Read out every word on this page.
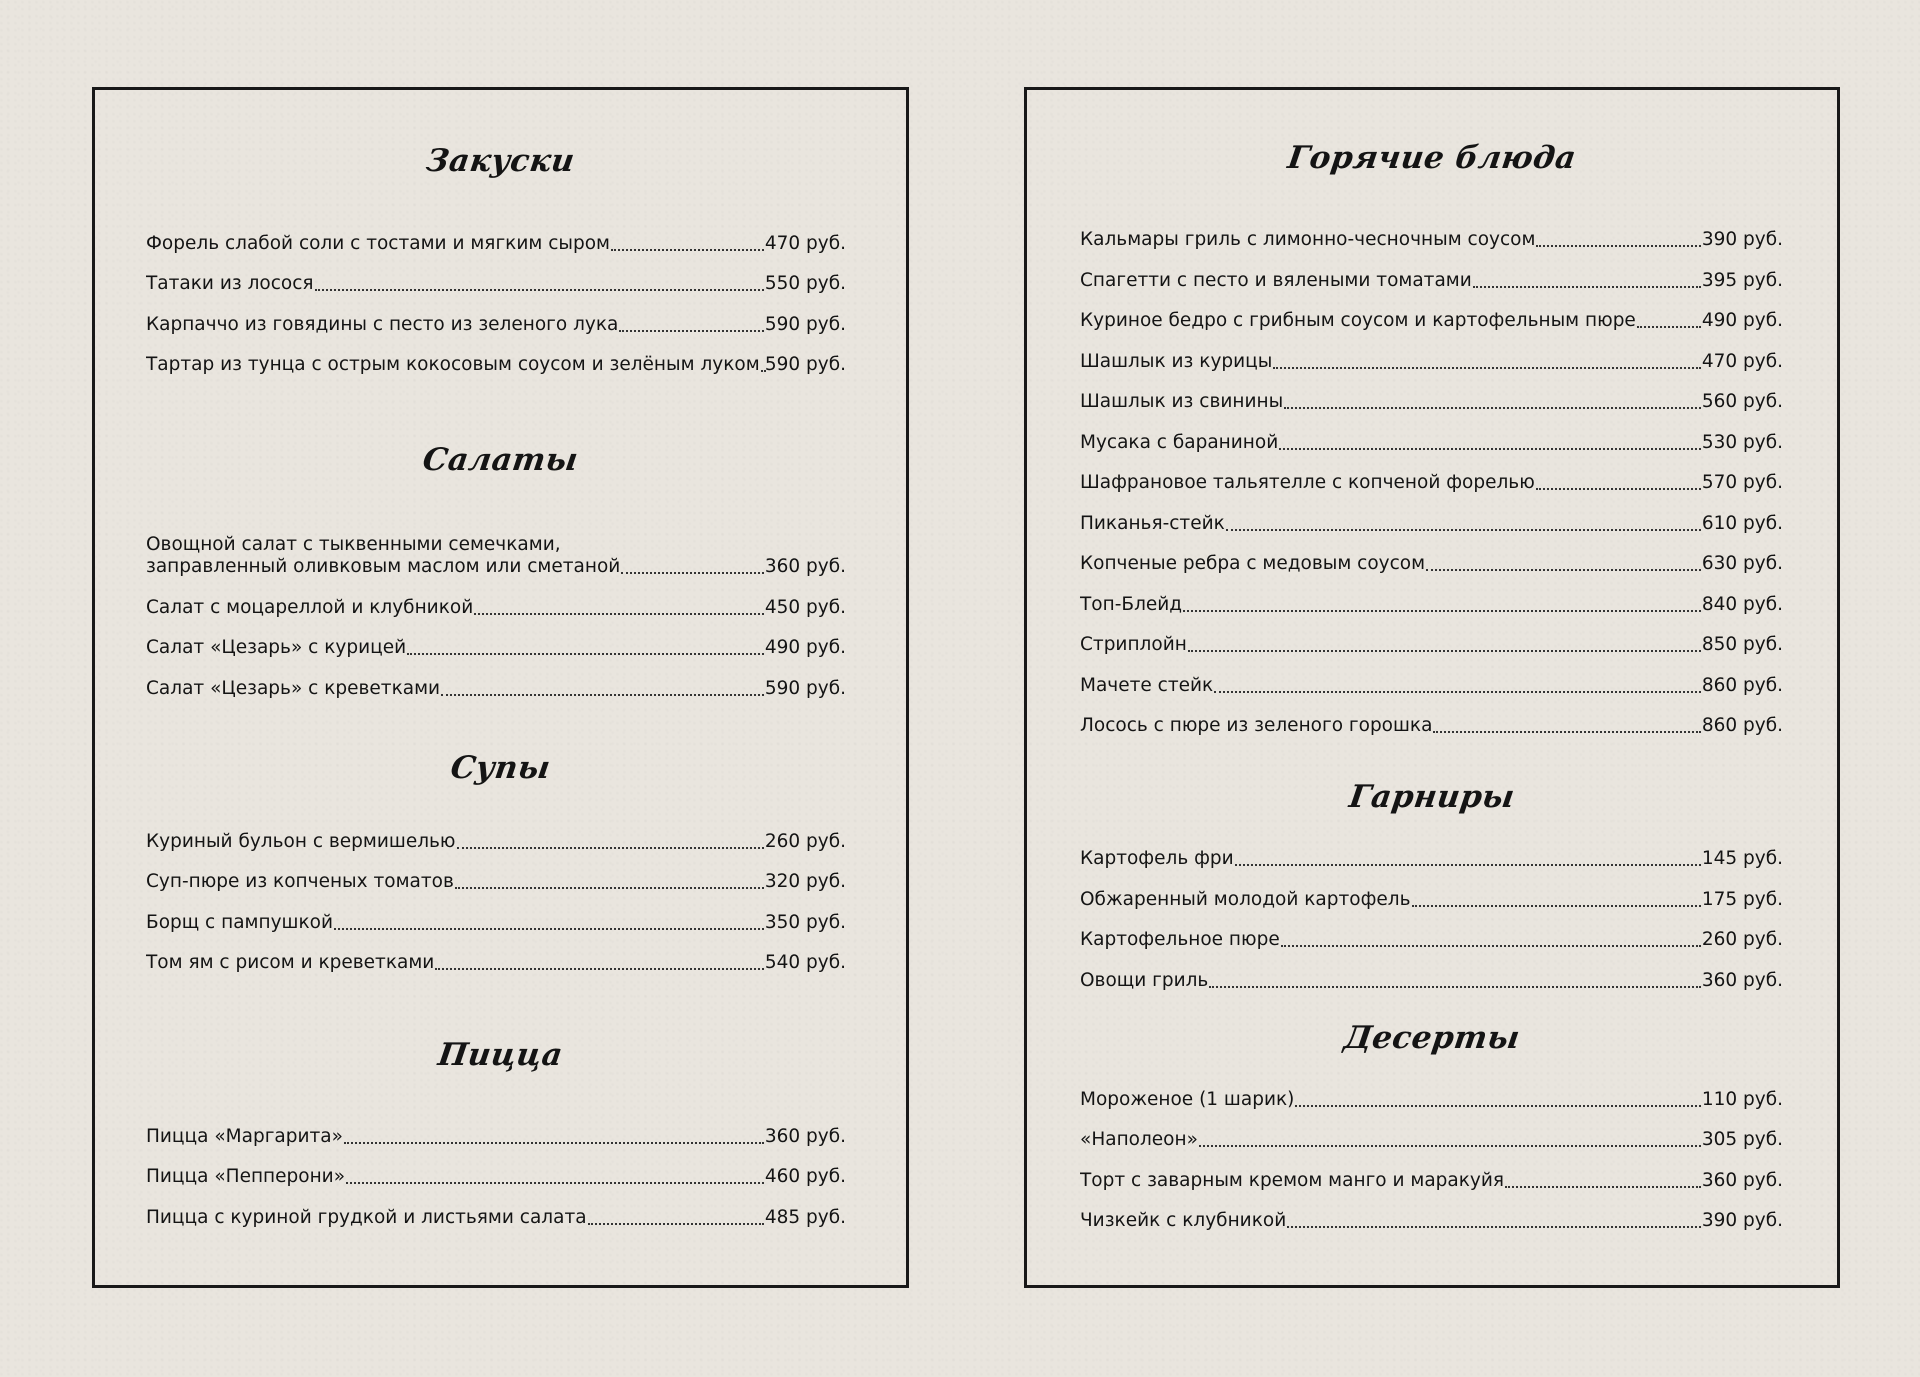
Закуски
Форель слабой соли с тостами и мягким сыром	470 руб.
Татаки из лосося	550 руб.
Карпаччо из говядины с песто из зеленого лука	590 руб.
Тартар из тунца с острым кокосовым соусом и зелёным луком 590 руб.
Салаты
Овощной салат с тыквенными семечками,
заправленный оливковым маслом или сметаной	360 руб.
Салат с моцареллой и клубникой	450 руб.
Салат «Цезарь» с курицей	490 руб.
Салат «Цезарь» с креветками	590 руб.
Супы
Куриный бульон с вермишелью	260 руб.
Суп-пюре из копченых томатов	320 руб.
Борщ с пампушкой	350 руб.
Том ям с рисом и креветками	540 руб.
Пицца
Пицца «Маргарита»	360 руб.
Пицца «Пепперони»	460 руб.
Пицца с куриной грудкой и листьями салата	485 руб.
Горячие блюда
Кальмары гриль с лимонно-чесночным соусом	390 руб.
Спагетти с песто и вялеными томатами	395 руб.
Куриное бедро с грибным соусом и картофельным пюре	490 руб.
Шашлык из курицы	470 руб.
Шашлык из свинины	560 руб.
Мусака с бараниной	530 руб.
Шафрановое тальятелле с копченой форелью	570 руб.
Пиканья-стейк	610 руб.
Копченые ребра с медовым соусом	630 руб.
Топ-Блейд	840 руб.
Стриплойн	850 руб.
Мачете стейк	860 руб.
Лосось с пюре из зеленого горошка	860 руб.
Гарниры
Картофель фри	145 руб.
Обжаренный молодой картофель	175 руб.
Картофельное пюре	260 руб.
Овощи гриль	360 руб.
Десерты
Мороженое (1 шарик)	110 руб.
«Наполеон»	305 руб.
Торт с заварным кремом манго и маракуйя	360 руб.
Чизкейк с клубникой	390 руб.
